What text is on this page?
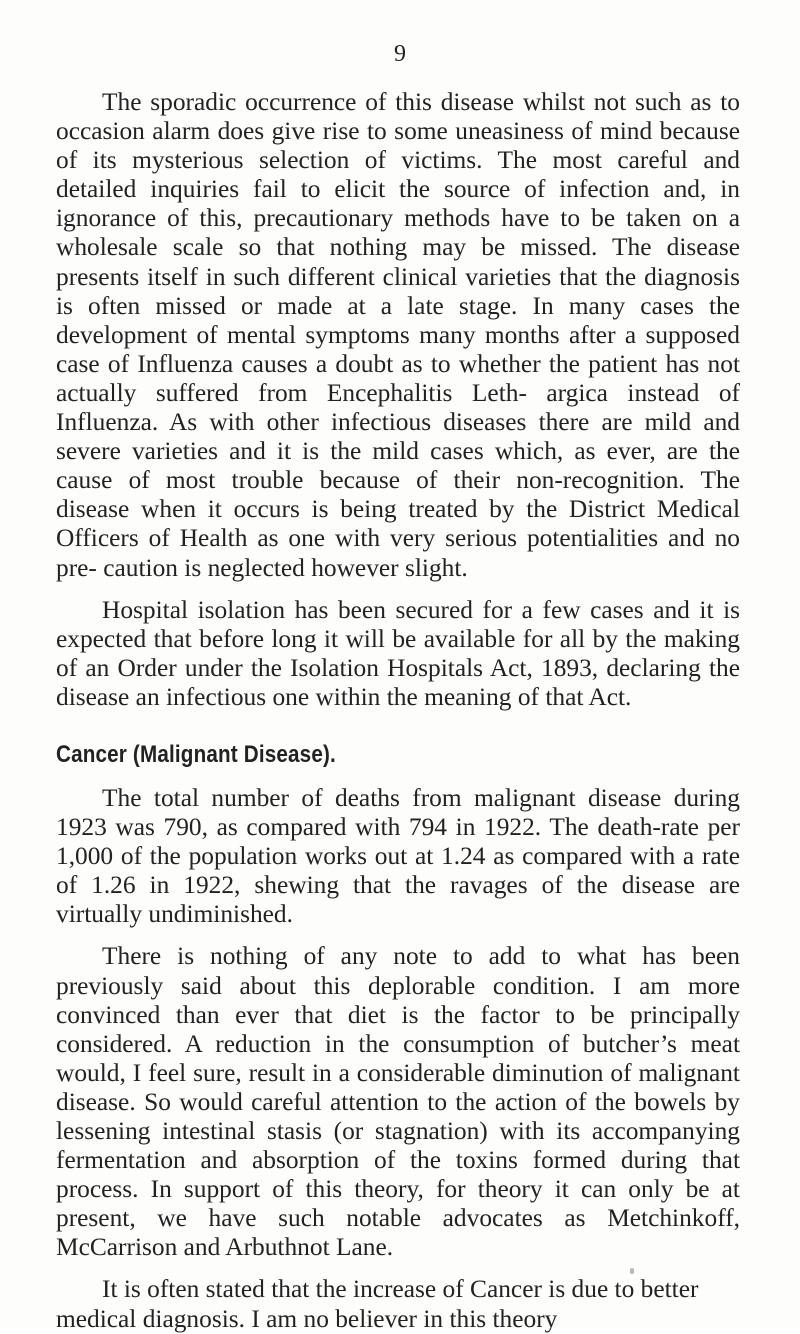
9

The sporadic occurrence of this disease whilst not such as to occasion alarm does give rise to some uneasiness of mind because of its mysterious selection of victims. The most careful and detailed inquiries fail to elicit the source of infection and, in ignorance of this, precautionary methods have to be taken on a wholesale scale so that nothing may be missed. The disease presents itself in such different clinical varieties that the diagnosis is often missed or made at a late stage. In many cases the development of mental symptoms many months after a supposed case of Influenza causes a doubt as to whether the patient has not actually suffered from Encephalitis Leth- argica instead of Influenza. As with other infectious diseases there are mild and severe varieties and it is the mild cases which, as ever, are the cause of most trouble because of their non-recognition. The disease when it occurs is being treated by the District Medical Officers of Health as one with very serious potentialities and no pre- caution is neglected however slight.

Hospital isolation has been secured for a few cases and it is expected that before long it will be available for all by the making of an Order under the Isolation Hospitals Act, 1893, declaring the disease an infectious one within the meaning of that Act.

Cancer (Malignant Disease).

The total number of deaths from malignant disease during 1923 was 790, as compared with 794 in 1922. The death-rate per 1,000 of the population works out at 1.24 as compared with a rate of 1.26 in 1922, shewing that the ravages of the disease are virtually undiminished.

There is nothing of any note to add to what has been previously said about this deplorable condition. I am more convinced than ever that diet is the factor to be principally considered. A reduction in the consumption of butcher’s meat would, I feel sure, result in a considerable diminution of malignant disease. So would careful attention to the action of the bowels by lessening intestinal stasis (or stagnation) with its accompanying fermentation and absorption of the toxins formed during that process. In support of this theory, for theory it can only be at present, we have such notable advocates as Metchinkoff, McCarrison and Arbuthnot Lane.

It is often stated that the increase of Cancer is due to better medical diagnosis. I am no believer in this theory
